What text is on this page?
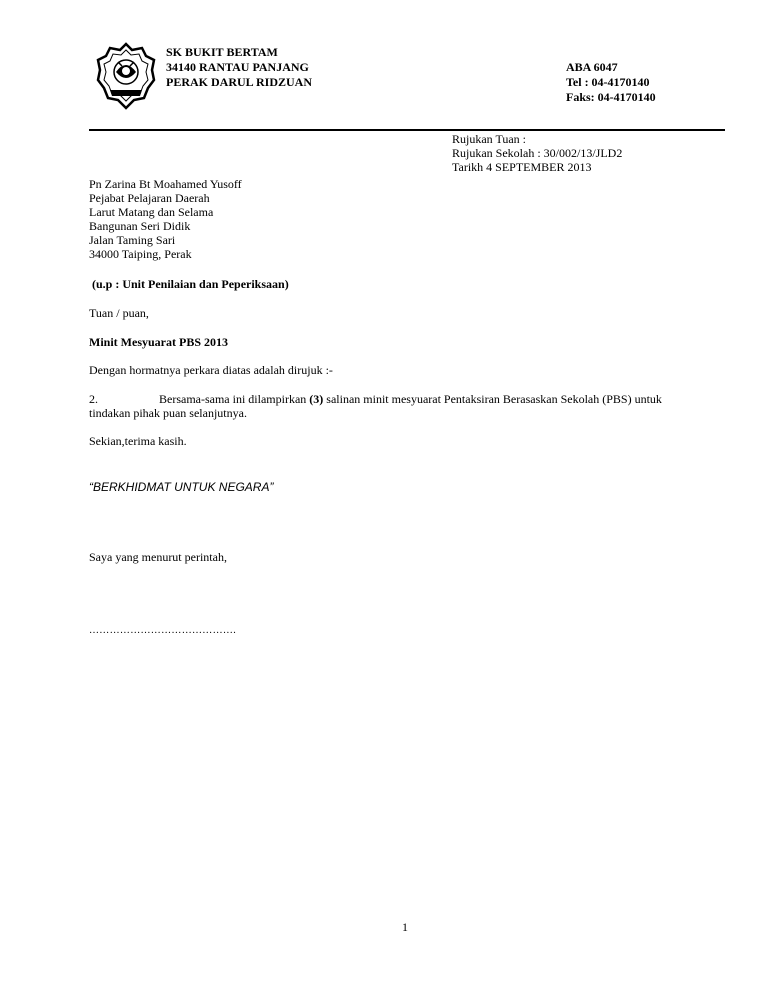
SK BUKIT BERTAM
34140 RANTAU PANJANG
PERAK DARUL RIDZUAN
ABA 6047
Tel : 04-4170140
Faks: 04-4170140
Rujukan Tuan :
Rujukan Sekolah : 30/002/13/JLD2
Tarikh 4 SEPTEMBER 2013
Pn Zarina Bt Moahamed Yusoff
Pejabat Pelajaran Daerah
Larut Matang dan Selama
Bangunan Seri Didik
Jalan Taming Sari
34000 Taiping, Perak
(u.p : Unit Penilaian dan Peperiksaan)
Tuan / puan,
Minit Mesyuarat PBS 2013
Dengan hormatnya perkara diatas adalah dirujuk :-
2.	Bersama-sama ini dilampirkan (3) salinan minit mesyuarat Pentaksiran Berasaskan Sekolah (PBS) untuk
tindakan pihak puan selanjutnya.
Sekian,terima kasih.
“BERKHIDMAT UNTUK NEGARA”
Saya yang menurut perintah,
…………………………………….
1
